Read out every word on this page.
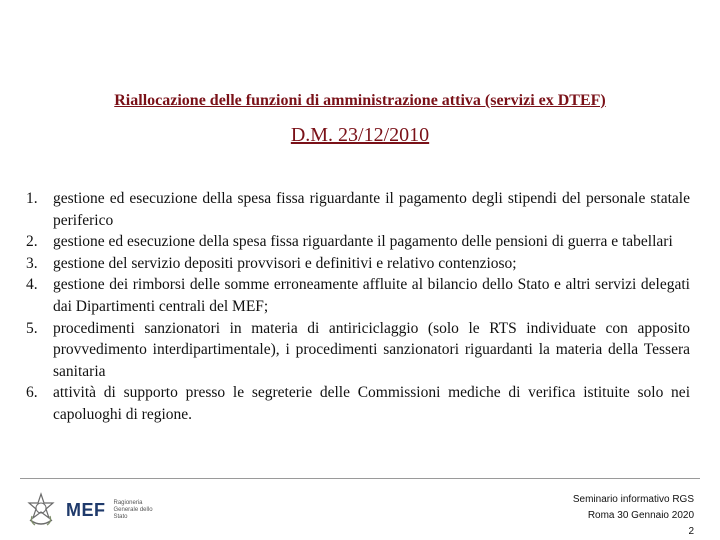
Riallocazione delle funzioni di amministrazione attiva (servizi ex DTEF)
D.M. 23/12/2010
1. gestione ed esecuzione della spesa fissa riguardante il pagamento degli stipendi del personale statale periferico
2. gestione ed esecuzione della spesa fissa riguardante il pagamento delle pensioni di guerra e tabellari
3. gestione del servizio depositi provvisori e definitivi e relativo contenzioso;
4. gestione dei rimborsi delle somme erroneamente affluite al bilancio dello Stato e altri servizi delegati dai Dipartimenti centrali del MEF;
5. procedimenti sanzionatori in materia di antiriciclaggio (solo le RTS individuate con apposito provvedimento interdipartimentale), i procedimenti sanzionatori riguardanti la materia della Tessera sanitaria
6. attività di supporto presso le segreterie delle Commissioni mediche di verifica istituite solo nei capoluoghi di regione.
MEF Ragioneria Generale dello Stato
Seminario informativo RGS
Roma 30 Gennaio 2020
2
